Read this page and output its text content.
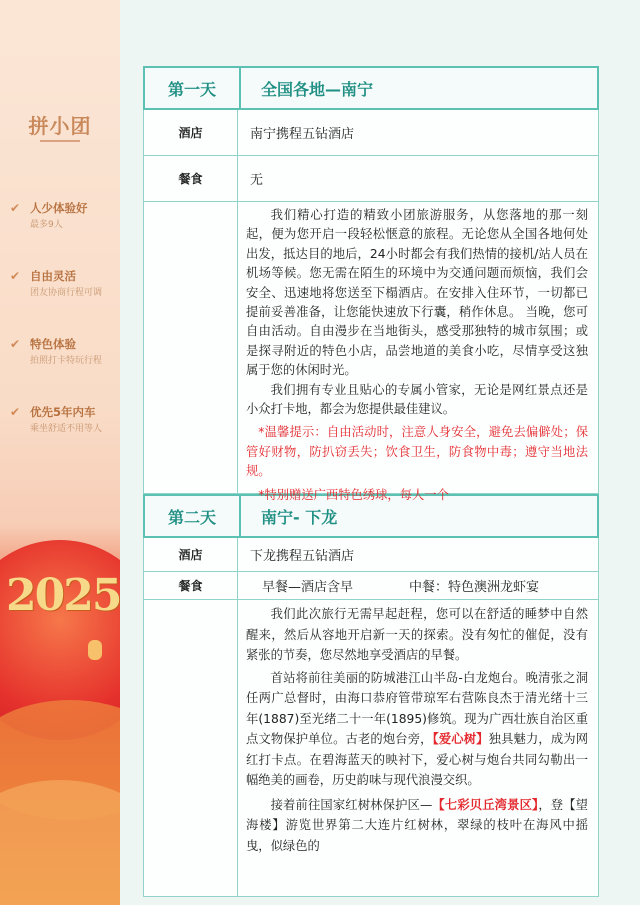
拼小团
✔ 人少体验好
最多9人
✔ 自由灵活
团友协商行程可调
✔ 特色体验
拍照打卡特玩行程
✔ 优先5年内车
乘坐舒适不用等人
2025
第一天	全国各地—南宁
酒店	南宁携程五钻酒店
餐食	无

我们精心打造的精致小团旅游服务，从您落地的那一刻起，便为您开启一段轻松惬意的旅程。无论您从全国各地何处出发，抵达目的地后，24小时都会有我们热情的接机/站人员在机场等候。您无需在陌生的环境中为交通问题而烦恼，我们会安全、迅速地将您送至下榻酒店。在安排入住环节，一切都已提前妥善准备，让您能快速放下行囊，稍作休息。 当晚，您可自由活动。自由漫步在当地街头，感受那独特的城市氛围；或是探寻附近的特色小店，品尝地道的美食小吃，尽情享受这独属于您的休闲时光。

我们拥有专业且贴心的专属小管家，无论是网红景点还是小众打卡地，都会为您提供最佳建议。

*温馨提示：自由活动时，注意人身安全，避免去偏僻处；保管好财物，防扒窃丢失；饮食卫生，防食物中毒；遵守当地法规。

*特别赠送广西特色绣球，每人一个

第二天	南宁- 下龙
酒店	下龙携程五钻酒店
餐食	早餐—酒店含早	中餐：特色澳洲龙虾宴

我们此次旅行无需早起赶程，您可以在舒适的睡梦中自然醒来，然后从容地开启新一天的探索。没有匆忙的催促，没有紧张的节奏，您尽然地享受酒店的早餐。

首站将前往美丽的防城港江山半岛-白龙炮台。晚清张之洞任两广总督时，由海口恭府管带琼军右营陈良杰于清光绪十三年(1887)至光绪二十一年(1895)修筑。现为广西壮族自治区重点文物保护单位。古老的炮台旁，【爱心树】独具魅力，成为网红打卡点。在碧海蓝天的映衬下，爱心树与炮台共同勾勒出一幅绝美的画卷，历史韵味与现代浪漫交织。

接着前往国家红树林保护区—【七彩贝丘湾景区】，登【望海楼】游览世界第二大连片红树林，翠绿的枝叶在海风中摇曳，似绿色的
